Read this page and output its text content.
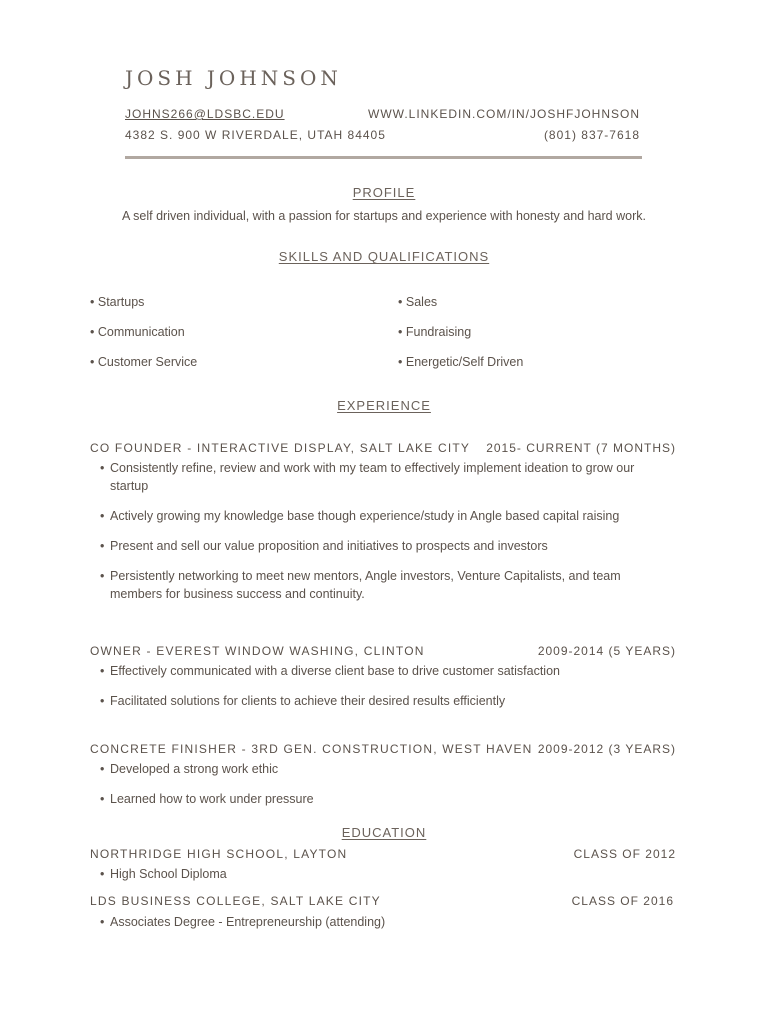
JOSH JOHNSON
JOHNS266@LDSBC.EDU	WWW.LINKEDIN.COM/IN/JOSHFJOHNSON
4382 S. 900 W RIVERDALE, UTAH 84405	(801) 837-7618
PROFILE
A self driven individual, with a passion for startups and experience with honesty and hard work.
SKILLS AND QUALIFICATIONS
• Startups
• Communication
• Customer Service
• Sales
• Fundraising
• Energetic/Self Driven
EXPERIENCE
CO FOUNDER - INTERACTIVE DISPLAY, SALT LAKE CITY 2015- CURRENT (7 MONTHS)
• Consistently refine, review and work with my team to effectively implement ideation to grow our startup
• Actively growing my knowledge base though experience/study in Angle based capital raising
• Present and sell our value proposition and initiatives to prospects and investors
• Persistently networking to meet new mentors, Angle investors, Venture Capitalists, and team members for business success and continuity.
OWNER - EVEREST WINDOW WASHING, CLINTON	2009-2014 (5 YEARS)
• Effectively communicated with a diverse client base to drive customer satisfaction
• Facilitated solutions for clients to achieve their desired results efficiently
CONCRETE FINISHER - 3RD GEN. CONSTRUCTION, WEST HAVEN 2009-2012 (3 YEARS)
• Developed a strong work ethic
• Learned how to work under pressure
EDUCATION
NORTHRIDGE HIGH SCHOOL, LAYTON	CLASS OF 2012
• High School Diploma
LDS BUSINESS COLLEGE, SALT LAKE CITY	CLASS OF 2016
• Associates Degree - Entrepreneurship (attending)
